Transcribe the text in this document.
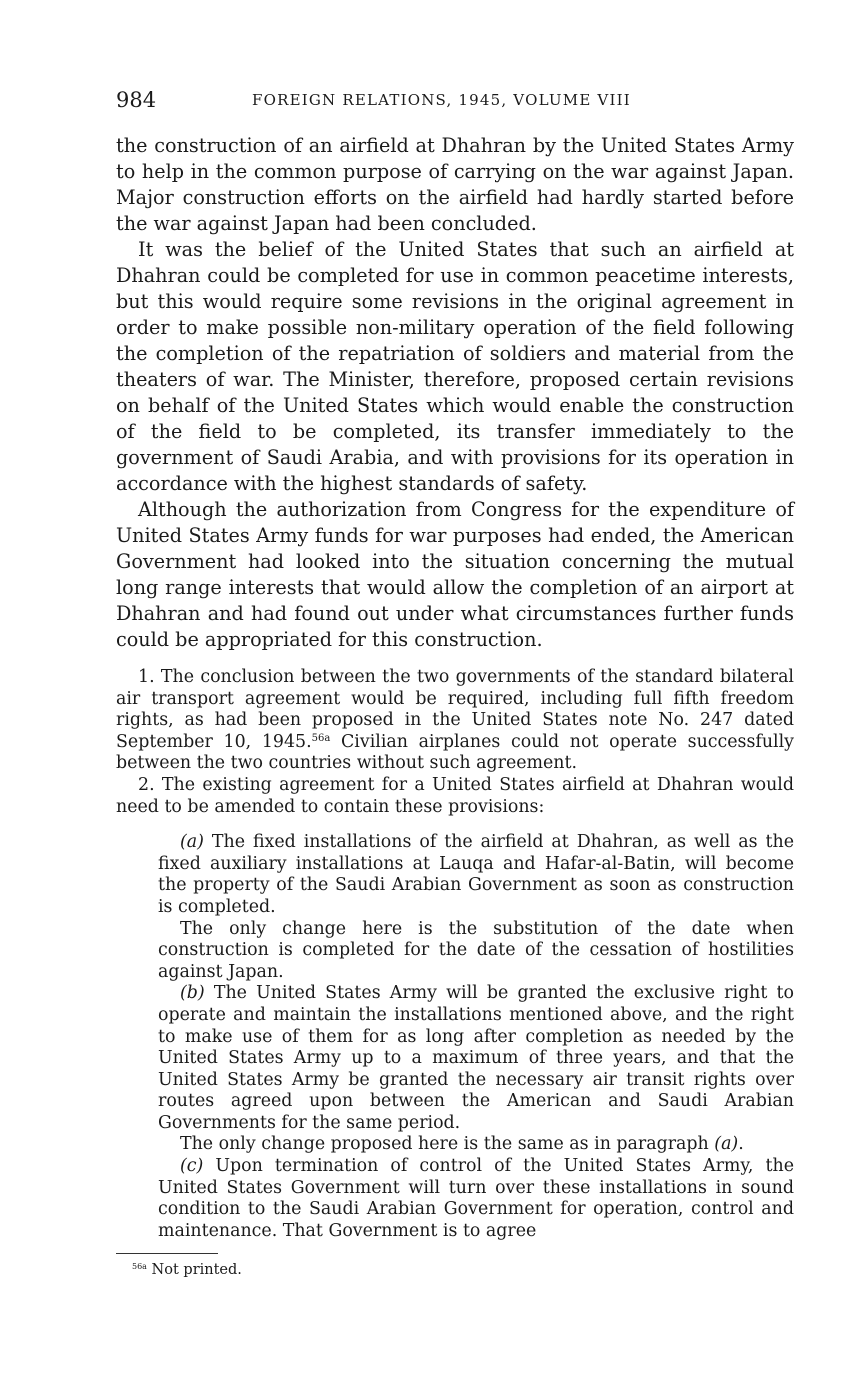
984	FOREIGN RELATIONS, 1945, VOLUME VIII

the construction of an airfield at Dhahran by the United States Army to help in the common purpose of carrying on the war against Japan. Major construction efforts on the airfield had hardly started before the war against Japan had been concluded.

It was the belief of the United States that such an airfield at Dhahran could be completed for use in common peacetime interests, but this would require some revisions in the original agreement in order to make possible non-military operation of the field following the completion of the repatriation of soldiers and material from the theaters of war. The Minister, therefore, proposed certain revisions on behalf of the United States which would enable the construction of the field to be completed, its transfer immediately to the government of Saudi Arabia, and with provisions for its operation in accordance with the highest standards of safety.

Although the authorization from Congress for the expenditure of United States Army funds for war purposes had ended, the American Government had looked into the situation concerning the mutual long range interests that would allow the completion of an airport at Dhahran and had found out under what circumstances further funds could be appropriated for this construction.

1. The conclusion between the two governments of the standard bilateral air transport agreement would be required, including full fifth freedom rights, as had been proposed in the United States note No. 247 dated September 10, 1945.$^{56a}$ Civilian airplanes could not operate successfully between the two countries without such agreement.

2. The existing agreement for a United States airfield at Dhahran would need to be amended to contain these provisions:

(a) The fixed installations of the airfield at Dhahran, as well as the fixed auxiliary installations at Lauqa and Hafar-al-Batin, will become the property of the Saudi Arabian Government as soon as construction is completed.

The only change here is the substitution of the date when construction is completed for the date of the cessation of hostilities against Japan.

(b) The United States Army will be granted the exclusive right to operate and maintain the installations mentioned above, and the right to make use of them for as long after completion as needed by the United States Army up to a maximum of three years, and that the United States Army be granted the necessary air transit rights over routes agreed upon between the American and Saudi Arabian Governments for the same period.

The only change proposed here is the same as in paragraph (a).

(c) Upon termination of control of the United States Army, the United States Government will turn over these installations in sound condition to the Saudi Arabian Government for operation, control and maintenance. That Government is to agree

$^{56a}$ Not printed.
